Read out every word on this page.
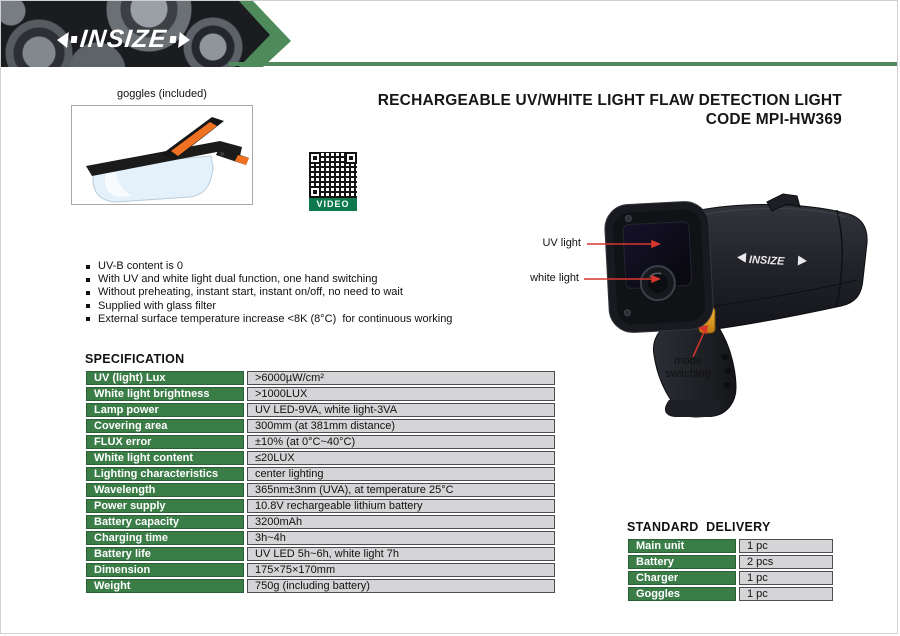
INSIZE
goggles (included)	RECHARGEABLE UV/WHITE LIGHT FLAW DETECTION LIGHT
CODE MPI-HW369
VIDEO
UV-B content is 0
With UV and white light dual function, one hand switching
Without preheating, instant start, instant on/off, no need to wait
Supplied with glass filter
External surface temperature increase <8K (8°C)  for continuous working
INSIZE
UV light
white light
mode switching
SPECIFICATION
UV (light) Lux	>6000µW/cm²
White light brightness	>1000LUX
Lamp power	UV LED-9VA, white light-3VA
Covering area	300mm (at 381mm distance)
FLUX error	±10% (at 0°C~40°C)
White light content	≤20LUX
Lighting characteristics	center lighting
Wavelength	365nm±3nm (UVA), at temperature 25°C
Power supply	10.8V rechargeable lithium battery
Battery capacity	3200mAh
Charging time	3h~4h
Battery life	UV LED 5h~6h, white light 7h
Dimension	175×75×170mm
Weight	750g (including battery)
STANDARD  DELIVERY
Main unit	1 pc
Battery	2 pcs
Charger	1 pc
Goggles	1 pc
